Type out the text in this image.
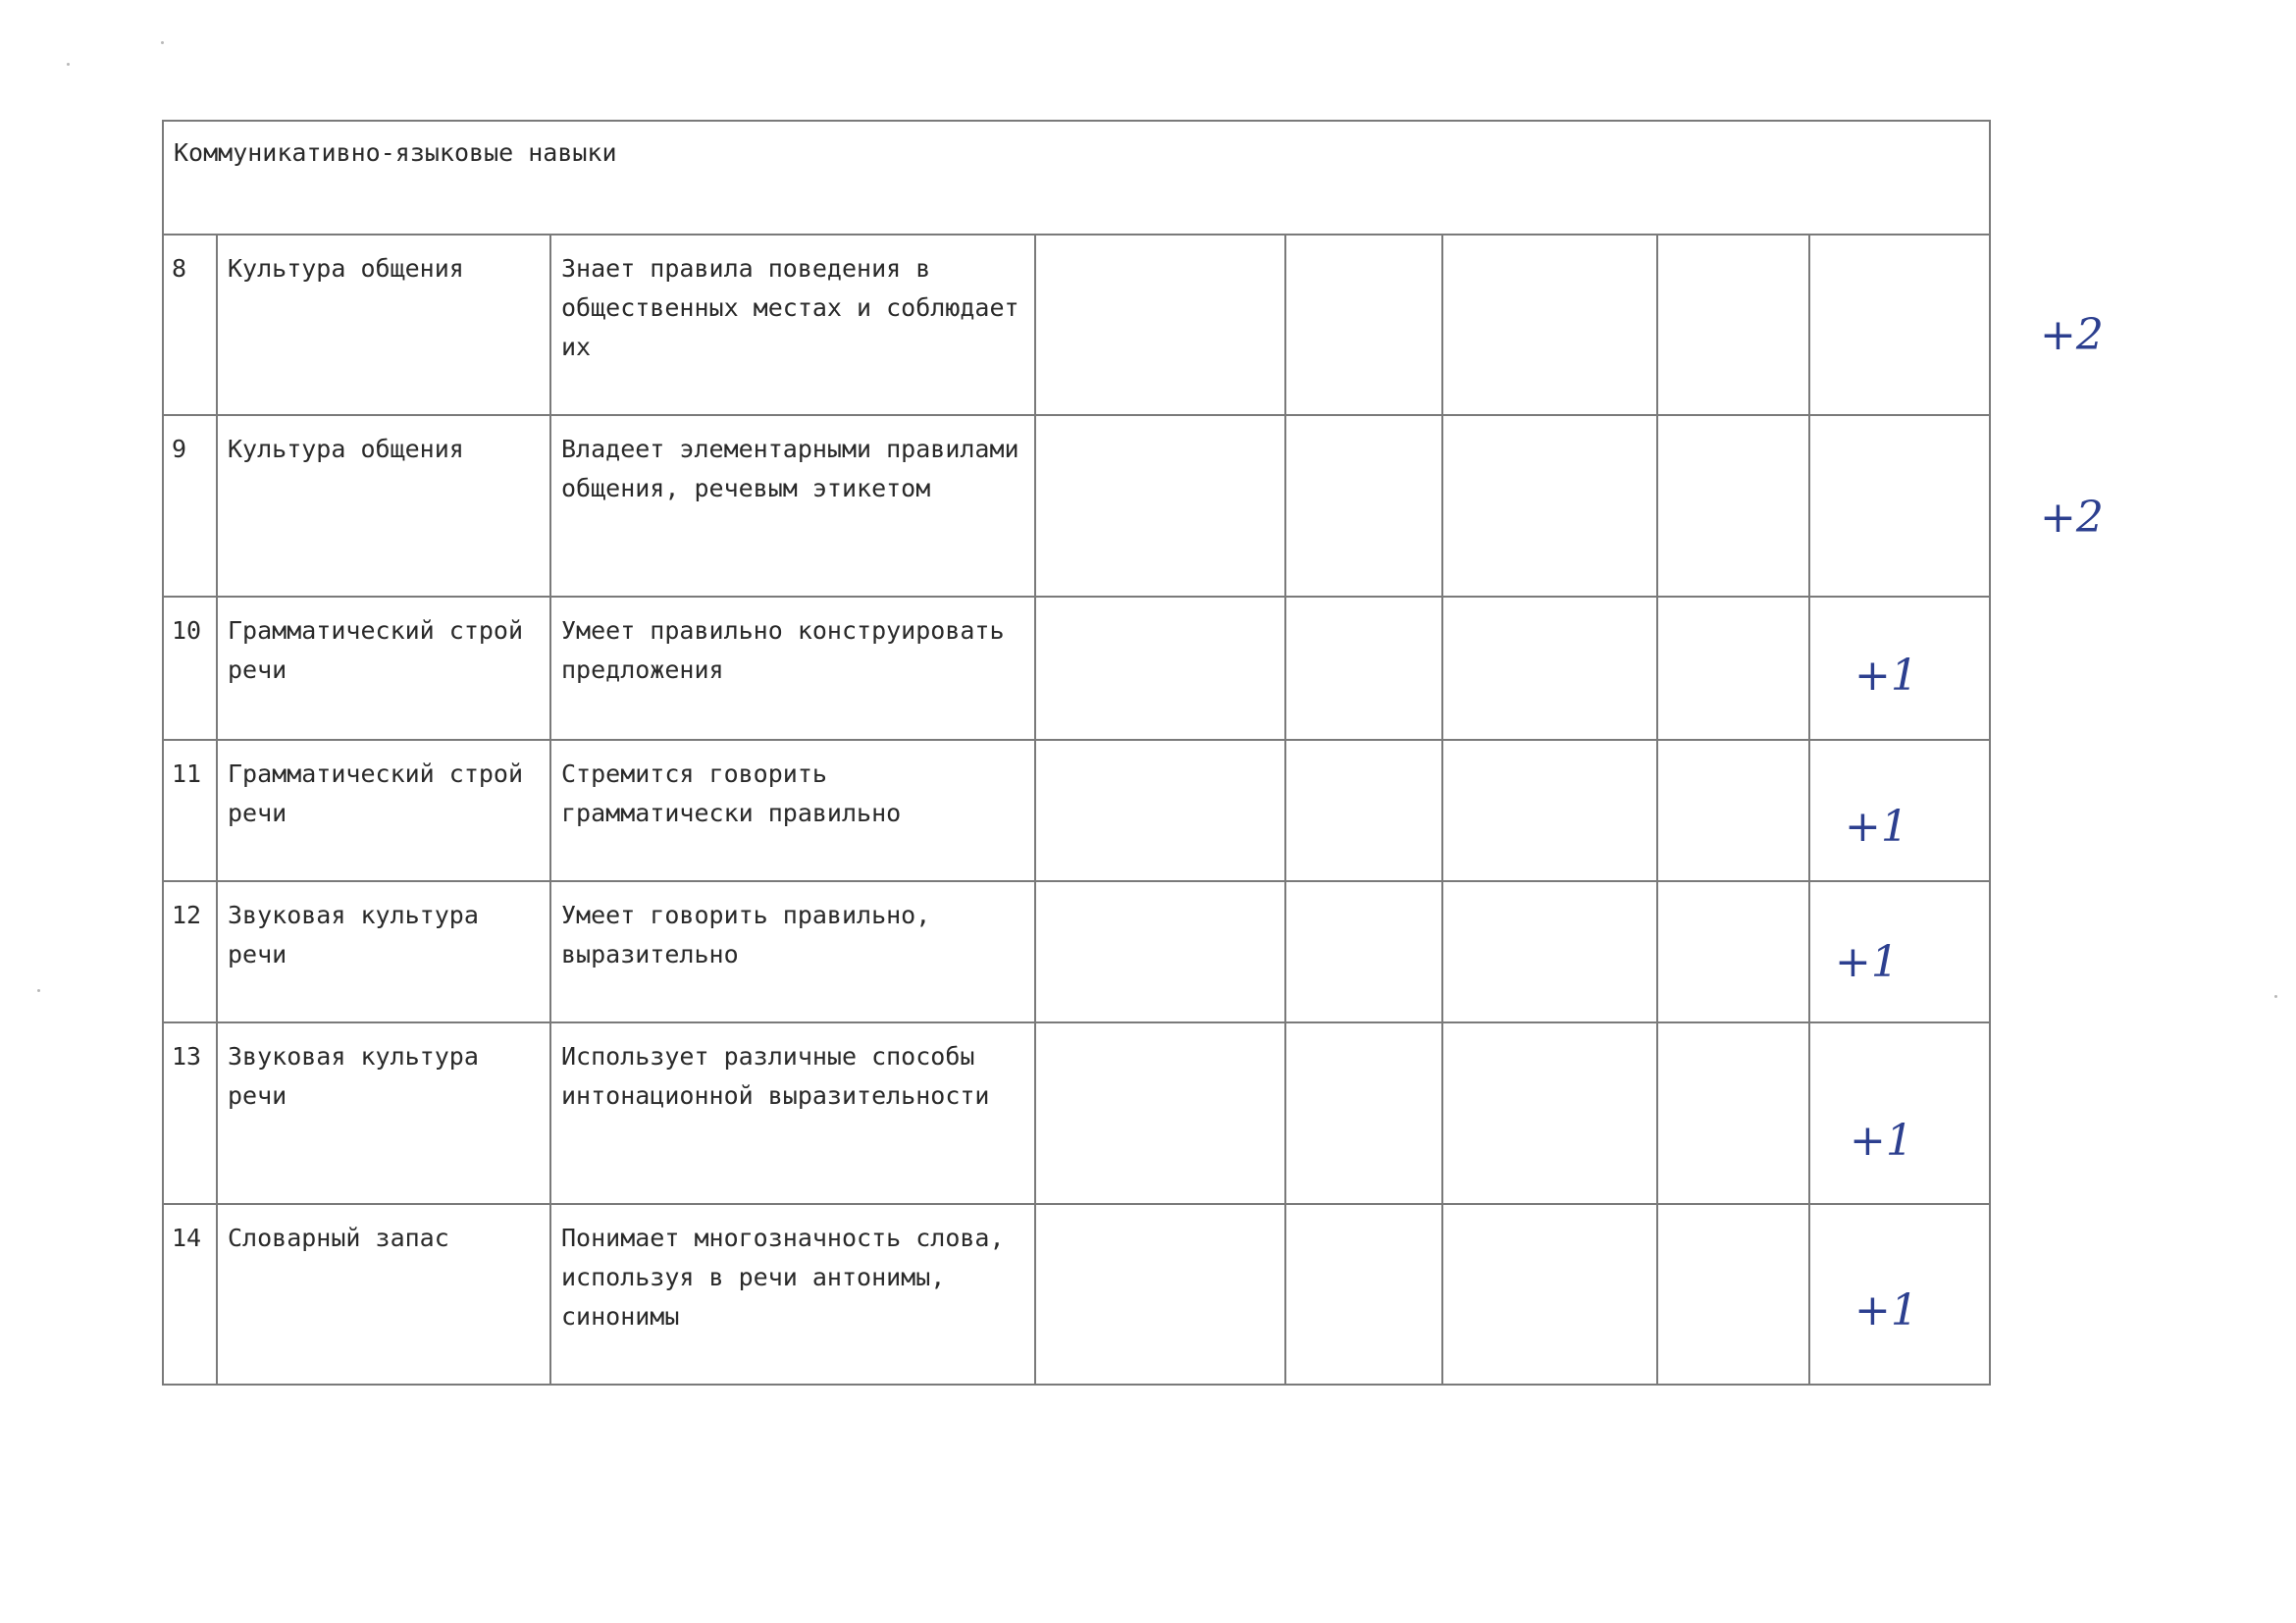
Коммуникативно-языковые навыки								
8	Культура общения	Знает правила поведения в общественных местах и соблюдает их						+2

9	Культура общения	Владеет элементарными правилами общения, речевым этикетом						+2

10	Грамматический строй речи	Умеет правильно конструировать предложения					+1	

11	Грамматический строй речи	Стремится говорить грамматически правильно					+1	

12	Звуковая культура речи	Умеет говорить правильно, выразительно					+1	

13	Звуковая культура речи	Использует различные способы интонационной выразительности					+1	

14	Словарный запас	Понимает многозначность слова, используя в речи антонимы, синонимы					+1	
